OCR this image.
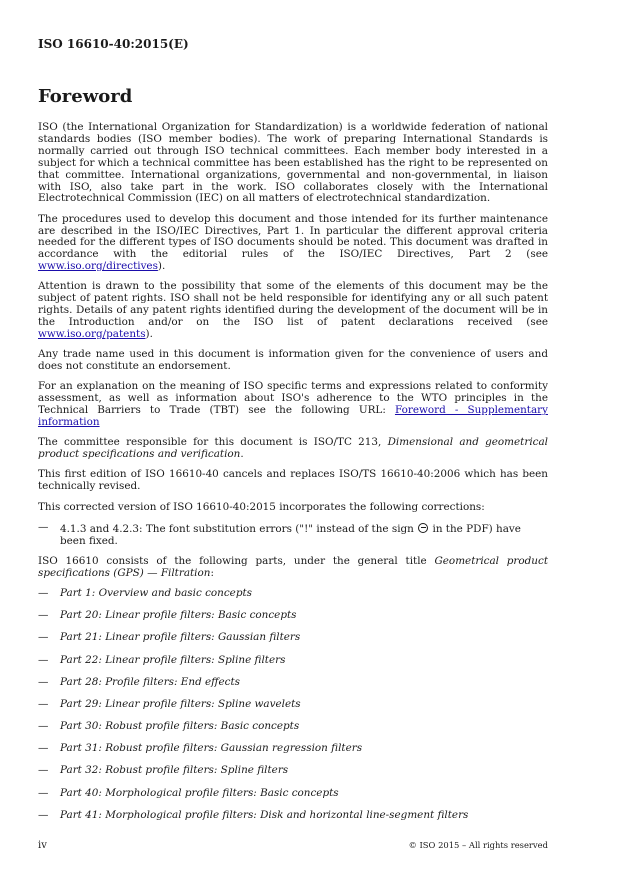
ISO 16610-40:2015(E)
Foreword

ISO (the International Organization for Standardization) is a worldwide federation of national standards bodies (ISO member bodies). The work of preparing International Standards is normally carried out through ISO technical committees. Each member body interested in a subject for which a technical committee has been established has the right to be represented on that committee. International organizations, governmental and non-governmental, in liaison with ISO, also take part in the work. ISO collaborates closely with the International Electrotechnical Commission (IEC) on all matters of electrotechnical standardization.

The procedures used to develop this document and those intended for its further maintenance are described in the ISO/IEC Directives, Part 1. In particular the different approval criteria needed for the different types of ISO documents should be noted. This document was drafted in accordance with the editorial rules of the ISO/IEC Directives, Part 2 (see www.iso.org/directives).

Attention is drawn to the possibility that some of the elements of this document may be the subject of patent rights. ISO shall not be held responsible for identifying any or all such patent rights. Details of any patent rights identified during the development of the document will be in the Introduction and/or on the ISO list of patent declarations received (see www.iso.org/patents).

Any trade name used in this document is information given for the convenience of users and does not constitute an endorsement.

For an explanation on the meaning of ISO specific terms and expressions related to conformity assessment, as well as information about ISO's adherence to the WTO principles in the Technical Barriers to Trade (TBT) see the following URL: Foreword - Supplementary information

The committee responsible for this document is ISO/TC 213, Dimensional and geometrical product specifications and verification.

This first edition of ISO 16610-40 cancels and replaces ISO/TS 16610-40:2006 which has been technically revised.

This corrected version of ISO 16610-40:2015 incorporates the following corrections:

— 4.1.3 and 4.2.3: The font substitution errors ("!" instead of the sign  in the PDF) have been fixed.

ISO 16610 consists of the following parts, under the general title Geometrical product specifications (GPS) — Filtration:

— Part 1: Overview and basic concepts
— Part 20: Linear profile filters: Basic concepts
— Part 21: Linear profile filters: Gaussian filters
— Part 22: Linear profile filters: Spline filters
— Part 28: Profile filters: End effects
— Part 29: Linear profile filters: Spline wavelets
— Part 30: Robust profile filters: Basic concepts
— Part 31: Robust profile filters: Gaussian regression filters
— Part 32: Robust profile filters: Spline filters
— Part 40: Morphological profile filters: Basic concepts
— Part 41: Morphological profile filters: Disk and horizontal line-segment filters
iv	© ISO 2015 – All rights reserved
